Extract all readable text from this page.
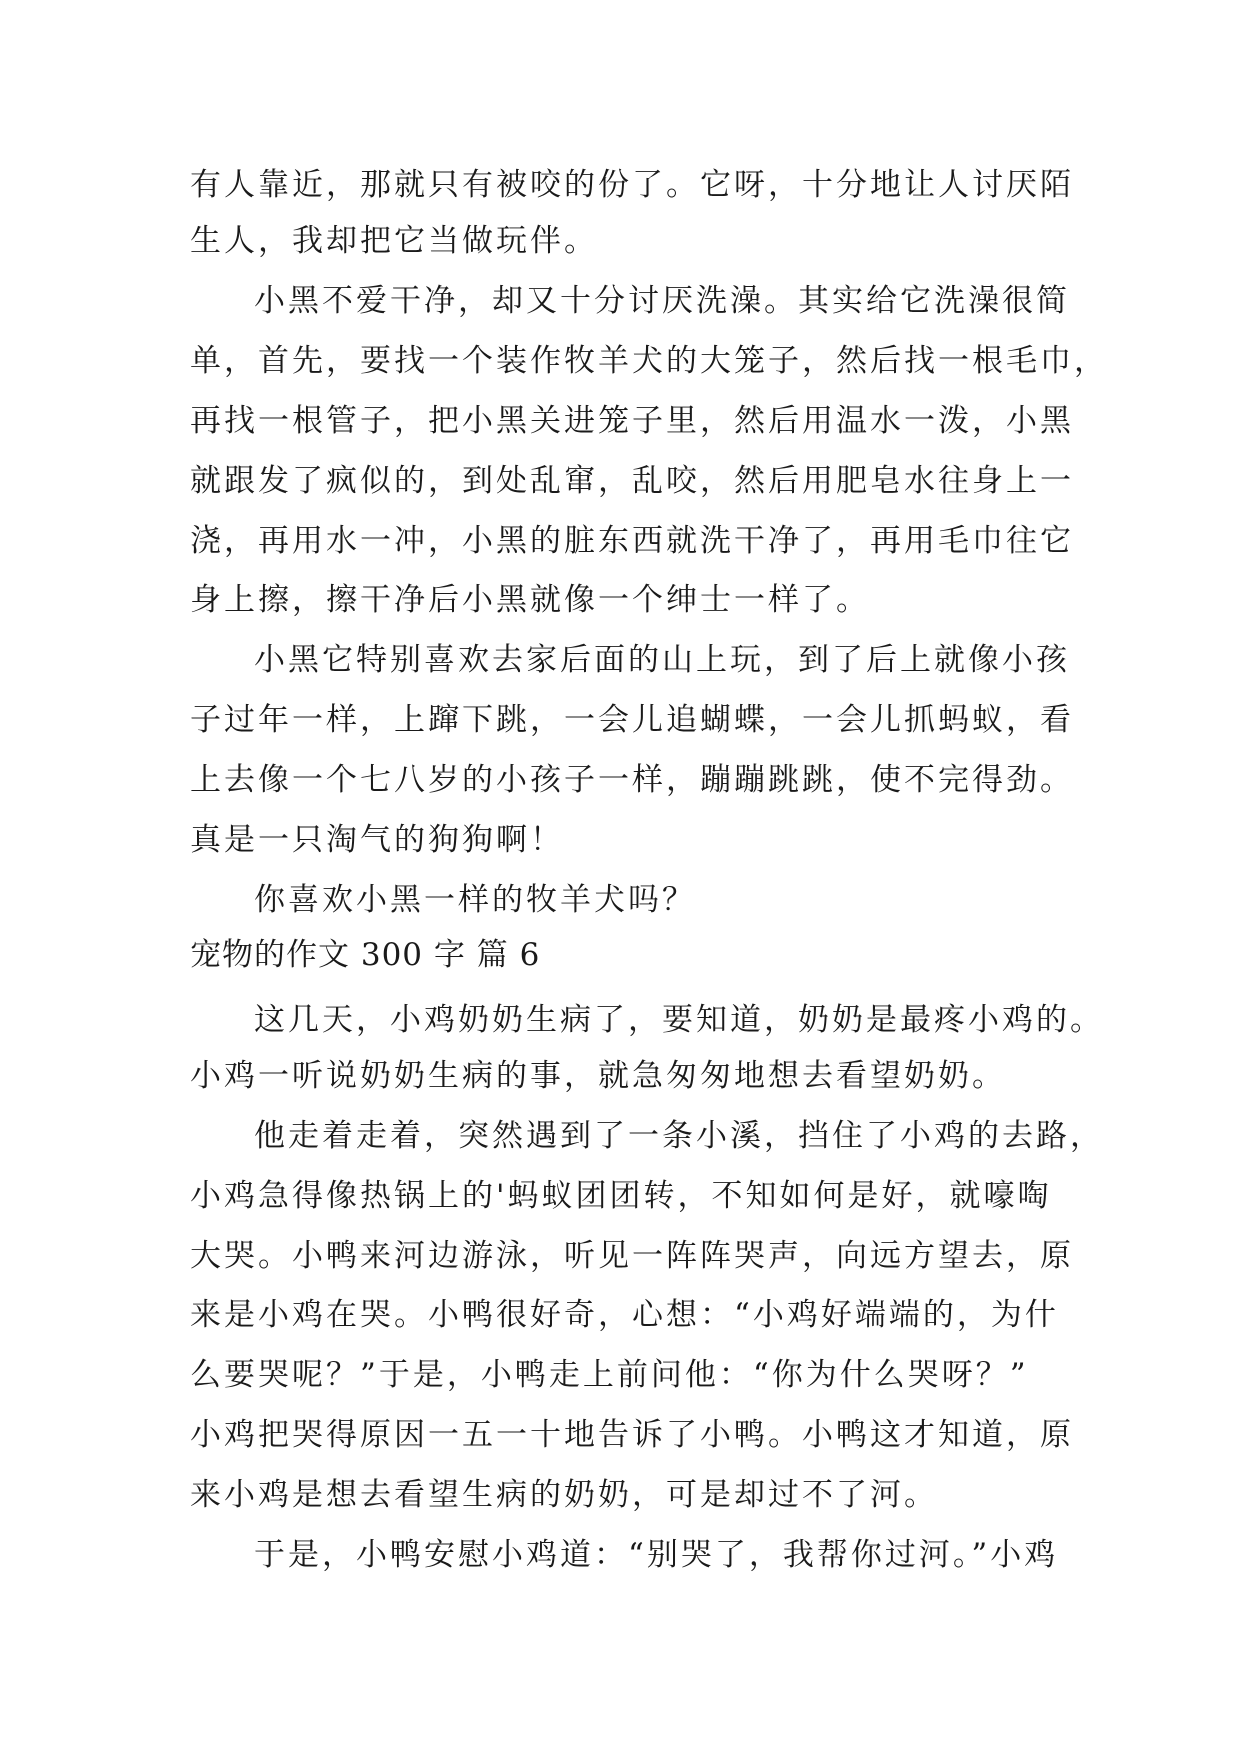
有人靠近，那就只有被咬的份了。它呀，十分地让人讨厌陌
生人，我却把它当做玩伴。
小黑不爱干净，却又十分讨厌洗澡。其实给它洗澡很简
单，首先，要找一个装作牧羊犬的大笼子，然后找一根毛巾，
再找一根管子，把小黑关进笼子里，然后用温水一泼，小黑
就跟发了疯似的，到处乱窜，乱咬，然后用肥皂水往身上一
浇，再用水一冲，小黑的脏东西就洗干净了，再用毛巾往它
身上擦，擦干净后小黑就像一个绅士一样了。
小黑它特别喜欢去家后面的山上玩，到了后上就像小孩
子过年一样，上蹿下跳，一会儿追蝴蝶，一会儿抓蚂蚁，看
上去像一个七八岁的小孩子一样，蹦蹦跳跳，使不完得劲。
真是一只淘气的狗狗啊！
你喜欢小黑一样的牧羊犬吗？
宠物的作文 300 字 篇 6
这几天，小鸡奶奶生病了，要知道，奶奶是最疼小鸡的。
小鸡一听说奶奶生病的事，就急匆匆地想去看望奶奶。
他走着走着，突然遇到了一条小溪，挡住了小鸡的去路，
小鸡急得像热锅上的'蚂蚁团团转，不知如何是好，就嚎啕
大哭。小鸭来河边游泳，听见一阵阵哭声，向远方望去，原
来是小鸡在哭。小鸭很好奇，心想：“小鸡好端端的，为什
么要哭呢？”于是，小鸭走上前问他：“你为什么哭呀？”
小鸡把哭得原因一五一十地告诉了小鸭。小鸭这才知道，原
来小鸡是想去看望生病的奶奶，可是却过不了河。
于是，小鸭安慰小鸡道：“别哭了，我帮你过河。”小鸡
